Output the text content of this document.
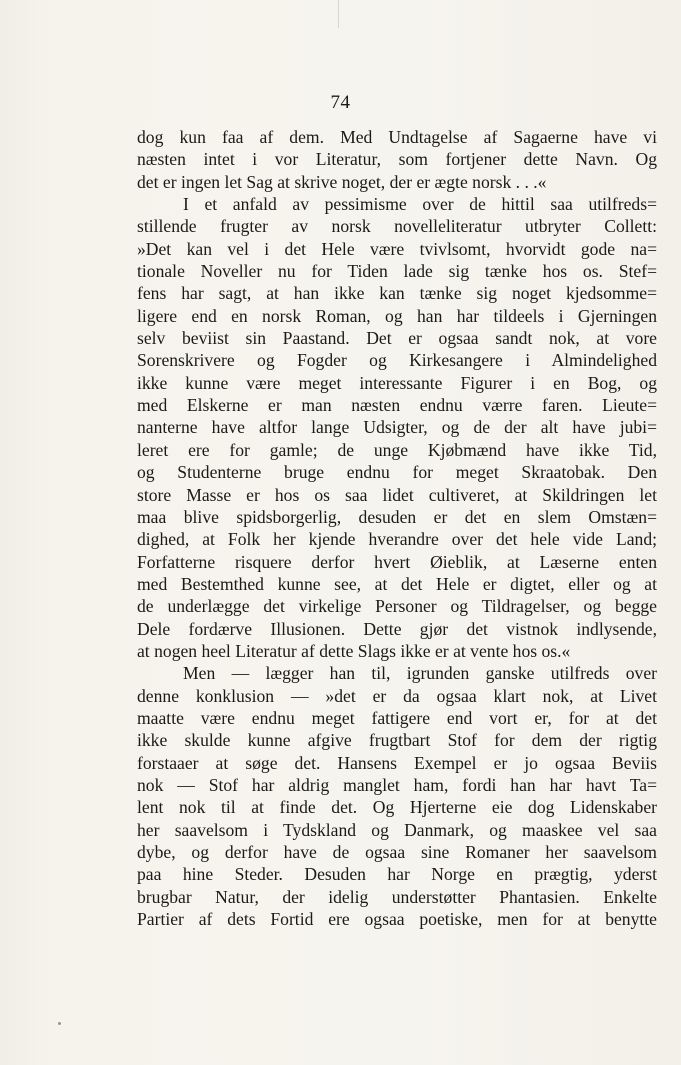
74
dog kun faa af dem. Med Undtagelse af Sagaerne have vi
næsten intet i vor Literatur, som fortjener dette Navn. Og
det er ingen let Sag at skrive noget, der er ægte norsk . . .«
I et anfald av pessimisme over de hittil saa utilfreds=
stillende frugter av norsk novelleliteratur utbryter Collett:
»Det kan vel i det Hele være tvivlsomt, hvorvidt gode na=
tionale Noveller nu for Tiden lade sig tænke hos os. Stef=
fens har sagt, at han ikke kan tænke sig noget kjedsomme=
ligere end en norsk Roman, og han har tildeels i Gjerningen
selv beviist sin Paastand. Det er ogsaa sandt nok, at vore
Sorenskrivere og Fogder og Kirkesangere i Almindelighed
ikke kunne være meget interessante Figurer i en Bog, og
med Elskerne er man næsten endnu værre faren. Lieute=
nanterne have altfor lange Udsigter, og de der alt have jubi=
leret ere for gamle; de unge Kjøbmænd have ikke Tid,
og Studenterne bruge endnu for meget Skraatobak. Den
store Masse er hos os saa lidet cultiveret, at Skildringen let
maa blive spidsborgerlig, desuden er det en slem Omstæn=
dighed, at Folk her kjende hverandre over det hele vide Land;
Forfatterne risquere derfor hvert Øieblik, at Læserne enten
med Bestemthed kunne see, at det Hele er digtet, eller og at
de underlægge det virkelige Personer og Tildragelser, og begge
Dele fordærve Illusionen. Dette gjør det vistnok indlysende,
at nogen heel Literatur af dette Slags ikke er at vente hos os.«
Men — lægger han til, igrunden ganske utilfreds over
denne konklusion — »det er da ogsaa klart nok, at Livet
maatte være endnu meget fattigere end vort er, for at det
ikke skulde kunne afgive frugtbart Stof for dem der rigtig
forstaaer at søge det. Hansens Exempel er jo ogsaa Beviis
nok — Stof har aldrig manglet ham, fordi han har havt Ta=
lent nok til at finde det. Og Hjerterne eie dog Lidenskaber
her saavelsom i Tydskland og Danmark, og maaskee vel saa
dybe, og derfor have de ogsaa sine Romaner her saavelsom
paa hine Steder. Desuden har Norge en prægtig, yderst
brugbar Natur, der idelig understøtter Phantasien. Enkelte
Partier af dets Fortid ere ogsaa poetiske, men for at benytte
